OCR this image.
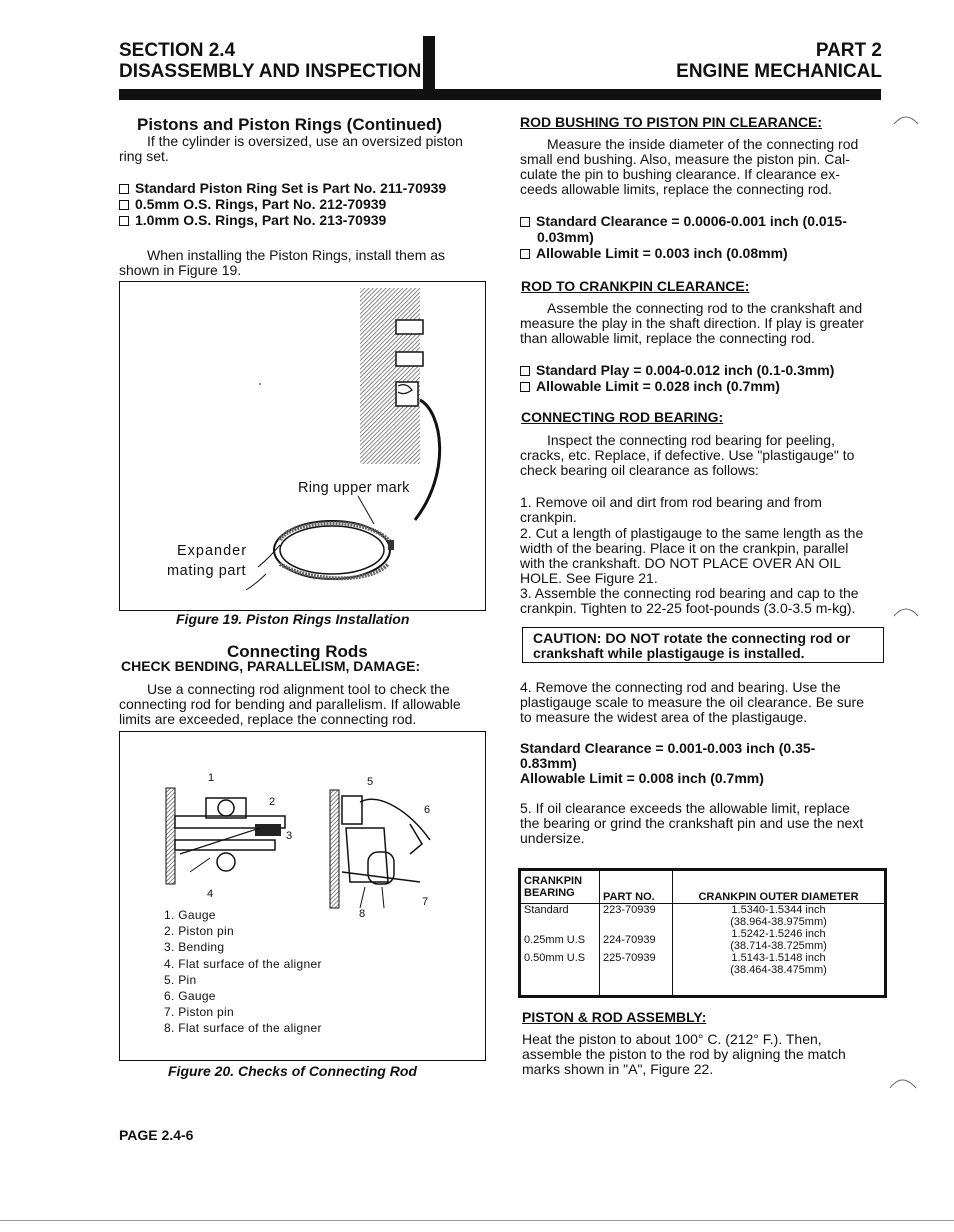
SECTION 2.4
DISASSEMBLY AND INSPECTION
PART 2
ENGINE MECHANICAL
Pistons and Piston Rings (Continued)
If the cylinder is oversized, use an oversized piston
ring set.
Standard Piston Ring Set is Part No. 211-70939
0.5mm O.S. Rings, Part No. 212-70939
1.0mm O.S. Rings, Part No. 213-70939
When installing the Piston Rings, install them as
shown in Figure 19.
Ring upper mark
Expander
mating part
Figure 19. Piston Rings Installation
Connecting Rods
CHECK BENDING, PARALLELISM, DAMAGE:
Use a connecting rod alignment tool to check the
connecting rod for bending and parallelism. If allowable
limits are exceeded, replace the connecting rod.
1
2
3
4
5
6
7
8
1. Gauge
2. Piston pin
3. Bending
4. Flat surface of the aligner
5. Pin
6. Gauge
7. Piston pin
8. Flat surface of the aligner
Figure 20. Checks of Connecting Rod
ROD BUSHING TO PISTON PIN CLEARANCE:
Measure the inside diameter of the connecting rod
small end bushing. Also, measure the piston pin. Cal-
culate the pin to bushing clearance. If clearance ex-
ceeds allowable limits, replace the connecting rod.
Standard Clearance = 0.0006-0.001 inch (0.015-
0.03mm)
Allowable Limit = 0.003 inch (0.08mm)
ROD TO CRANKPIN CLEARANCE:
Assemble the connecting rod to the crankshaft and
measure the play in the shaft direction. If play is greater
than allowable limit, replace the connecting rod.
Standard Play = 0.004-0.012 inch (0.1-0.3mm)
Allowable Limit = 0.028 inch (0.7mm)
CONNECTING ROD BEARING:
Inspect the connecting rod bearing for peeling,
cracks, etc. Replace, if defective. Use "plastigauge" to
check bearing oil clearance as follows:
1. Remove oil and dirt from rod bearing and from
crankpin.
2. Cut a length of plastigauge to the same length as the
width of the bearing. Place it on the crankpin, parallel
with the crankshaft. DO NOT PLACE OVER AN OIL
HOLE. See Figure 21.
3. Assemble the connecting rod bearing and cap to the
crankpin. Tighten to 22-25 foot-pounds (3.0-3.5 m-kg).
CAUTION: DO NOT rotate the connecting rod or
crankshaft while plastigauge is installed.
4. Remove the connecting rod and bearing. Use the
plastigauge scale to measure the oil clearance. Be sure
to measure the widest area of the plastigauge.
Standard Clearance = 0.001-0.003 inch (0.35-
0.83mm)
Allowable Limit = 0.008 inch (0.7mm)
5. If oil clearance exceeds the allowable limit, replace
the bearing or grind the crankshaft pin and use the next
undersize.
CRANKPIN
BEARING	PART NO.	CRANKPIN OUTER DIAMETER
Standard	223-70939	1.5340-1.5344 inch
(38.964-38.975mm)

0.25mm U.S	224-70939	1.5242-1.5246 inch
(38.714-38.725mm)

0.50mm U.S	225-70939	1.5143-1.5148 inch
(38.464-38.475mm)
PISTON & ROD ASSEMBLY:
Heat the piston to about 100° C. (212° F.). Then,
assemble the piston to the rod by aligning the match
marks shown in "A", Figure 22.
PAGE 2.4-6
